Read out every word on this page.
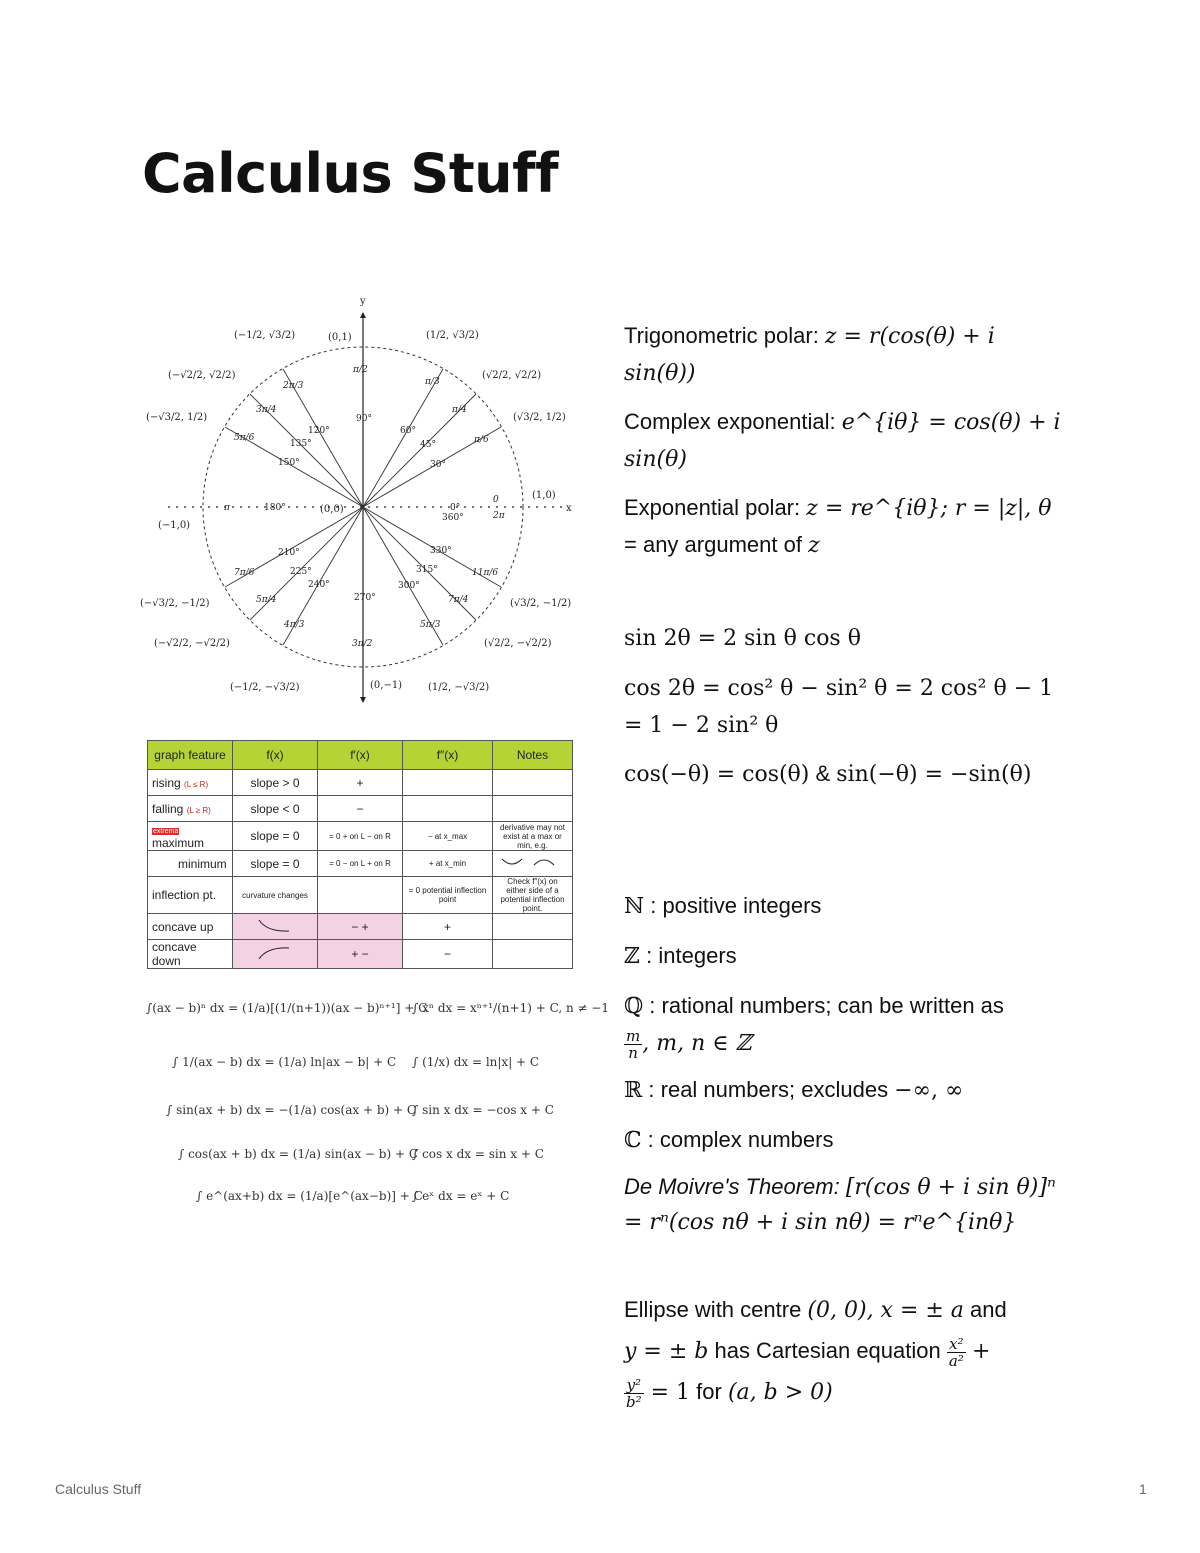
Calculus Stuff
y
x
(0,0)
(0,1)
(0,−1)
(1,0)
(−1,0)
0°
30°
45°
60°
90°
120°
135°
150°
180°
210°
225°
240°
270°
300°
315°
330°
360°
0
π/6
π/4
π/3
π/2
2π/3
3π/4
5π/6
π
7π/6
5π/4
4π/3
3π/2
5π/3
7π/4
11π/6
2π
(√3/2, 1/2)
(√2/2, √2/2)
(1/2, √3/2)
(−1/2, √3/2)
(−√2/2, √2/2)
(−√3/2, 1/2)
(−√3/2, −1/2)
(−√2/2, −√2/2)
(−1/2, −√3/2)	(1/2, −√3/2)
(√2/2, −√2/2)
(√3/2, −1/2)
graph feature	f(x)	f′(x)	f″(x)	Notes
rising (L ≤ R)	slope > 0	+		
falling (L ≥ R)	slope < 0	−		
extremamaximum	slope = 0	= 0 + on L − on R	− at x_max	derivative may not exist at a max or min, e.g.
minimum	slope = 0	= 0 − on L + on R	+ at x_min	
inflection pt.	curvature changes		= 0 potential inflection point	Check f″(x) on either side of a potential inflection point.
concave up		− +	+	
concave down		+ −	−	
∫(ax − b)ⁿ dx = (1/a)[(1/(n+1))(ax − b)ⁿ⁺¹] + C
∫ 1/(ax − b) dx = (1/a) ln|ax − b| + C
∫ sin(ax + b) dx = −(1/a) cos(ax + b) + C
∫ cos(ax + b) dx = (1/a) sin(ax − b) + C
∫ e^(ax+b) dx = (1/a)[e^(ax−b)] + C
∫ xⁿ dx = xⁿ⁺¹/(n+1) + C, n ≠ −1
∫ (1/x) dx = ln|x| + C
∫ sin x dx = −cos x + C
∫ cos x dx = sin x + C
∫ eˣ dx = eˣ + C

Trigonometric polar: z = r(cos(θ) + i sin(θ))

Complex exponential: e^{iθ} = cos(θ) + i sin(θ)

Exponential polar: z = re^{iθ}; r = |z|, θ
= any argument of z

sin 2θ = 2 sin θ cos θ

cos 2θ = cos² θ − sin² θ = 2 cos² θ − 1 = 1 − 2 sin² θ

cos(−θ) = cos(θ) & sin(−θ) = −sin(θ)

ℕ : positive integers

ℤ : integers

ℚ : rational numbers; can be written as

$\frac{m}{n}$ , m, n ∈ ℤ

ℝ : real numbers; excludes −∞, ∞

ℂ : complex numbers

De Moivre's Theorem: [r(cos θ + i sin θ)]ⁿ = rⁿ(cos nθ + i sin nθ) = rⁿe^{inθ}

Ellipse with centre (0, 0), x = ± a and
y = ± b has Cartesian equation $\frac{\text{x²}}{\text{a²}}$ +

$\frac{\text{y²}}{\text{b²}} = 1$ for (a, b > 0)

Calculus Stuff	1
